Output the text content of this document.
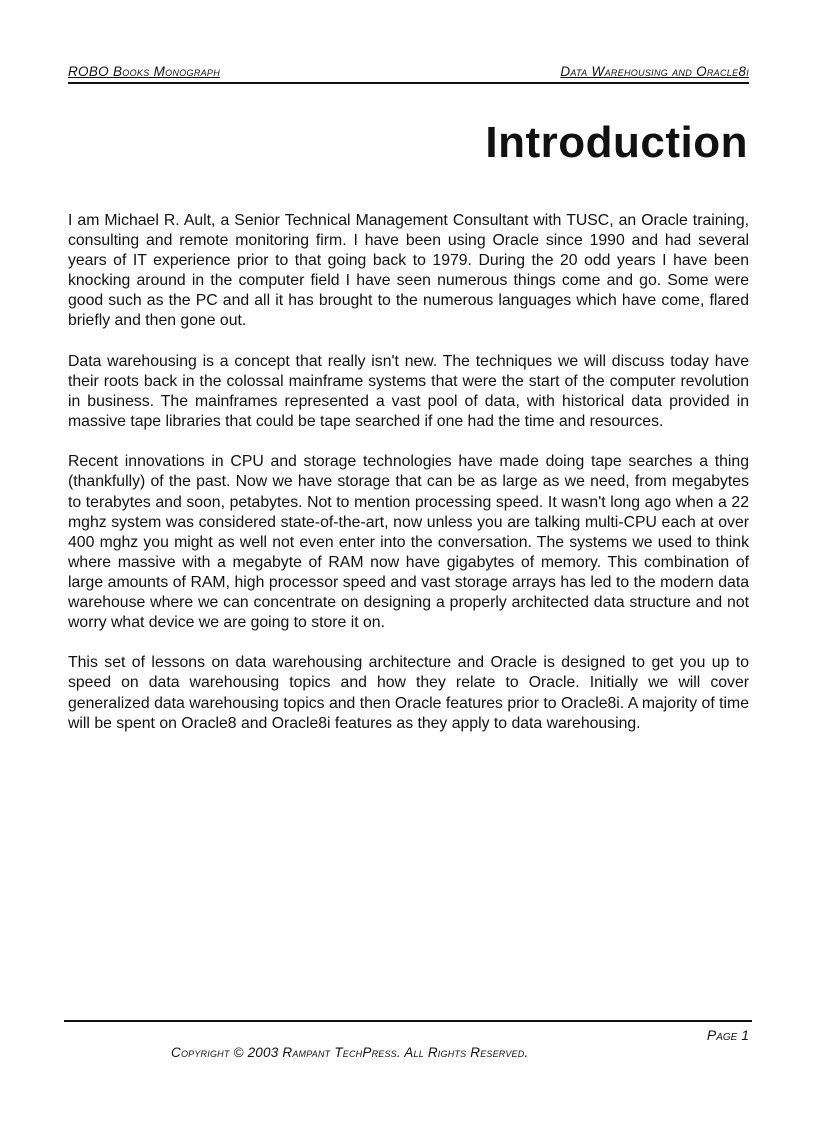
ROBO Books Monograph	Data Warehousing and Oracle8i
Introduction

I am Michael R. Ault, a Senior Technical Management Consultant with TUSC, an Oracle training, consulting and remote monitoring firm. I have been using Oracle since 1990 and had several years of IT experience prior to that going back to 1979. During the 20 odd years I have been knocking around in the computer field I have seen numerous things come and go. Some were good such as the PC and all it has brought to the numerous languages which have come, flared briefly and then gone out.

Data warehousing is a concept that really isn't new. The techniques we will discuss today have their roots back in the colossal mainframe systems that were the start of the computer revolution in business. The mainframes represented a vast pool of data, with historical data provided in massive tape libraries that could be tape searched if one had the time and resources.

Recent innovations in CPU and storage technologies have made doing tape searches a thing (thankfully) of the past. Now we have storage that can be as large as we need, from megabytes to terabytes and soon, petabytes. Not to mention processing speed. It wasn't long ago when a 22 mghz system was considered state-of-the-art, now unless you are talking multi-CPU each at over 400 mghz you might as well not even enter into the conversation. The systems we used to think where massive with a megabyte of RAM now have gigabytes of memory. This combination of large amounts of RAM, high processor speed and vast storage arrays has led to the modern data warehouse where we can concentrate on designing a properly architected data structure and not worry what device we are going to store it on.

This set of lessons on data warehousing architecture and Oracle is designed to get you up to speed on data warehousing topics and how they relate to Oracle. Initially we will cover generalized data warehousing topics and then Oracle features prior to Oracle8i. A majority of time will be spent on Oracle8 and Oracle8i features as they apply to data warehousing.

Page 1
Copyright © 2003 Rampant TechPress. All Rights Reserved.
